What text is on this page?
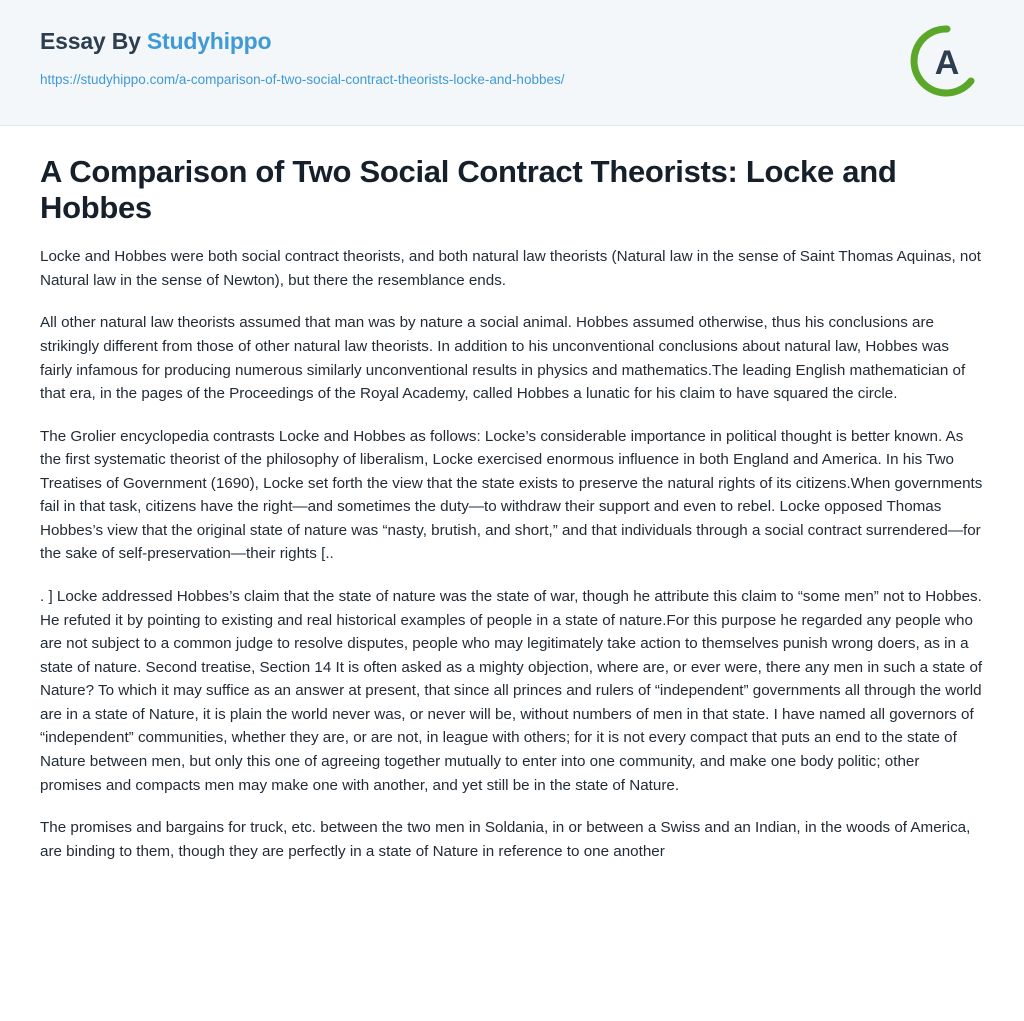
Essay By Studyhippo
https://studyhippo.com/a-comparison-of-two-social-contract-theorists-locke-and-hobbes/	A
A Comparison of Two Social Contract Theorists: Locke and Hobbes

Locke and Hobbes were both social contract theorists, and both natural law theorists (Natural law in the sense of Saint Thomas Aquinas, not Natural law in the sense of Newton), but there the resemblance ends.

All other natural law theorists assumed that man was by nature a social animal. Hobbes assumed otherwise, thus his conclusions are strikingly different from those of other natural law theorists. In addition to his unconventional conclusions about natural law, Hobbes was fairly infamous for producing numerous similarly unconventional results in physics and mathematics.The leading English mathematician of that era, in the pages of the Proceedings of the Royal Academy, called Hobbes a lunatic for his claim to have squared the circle.

The Grolier encyclopedia contrasts Locke and Hobbes as follows: Locke’s considerable importance in political thought is better known. As the first systematic theorist of the philosophy of liberalism, Locke exercised enormous influence in both England and America. In his Two Treatises of Government (1690), Locke set forth the view that the state exists to preserve the natural rights of its citizens.When governments fail in that task, citizens have the right—and sometimes the duty—to withdraw their support and even to rebel. Locke opposed Thomas Hobbes’s view that the original state of nature was “nasty, brutish, and short,” and that individuals through a social contract surrendered—for the sake of self-preservation—their rights [..

. ] Locke addressed Hobbes’s claim that the state of nature was the state of war, though he attribute this claim to “some men” not to Hobbes. He refuted it by pointing to existing and real historical examples of people in a state of nature.For this purpose he regarded any people who are not subject to a common judge to resolve disputes, people who may legitimately take action to themselves punish wrong doers, as in a state of nature. Second treatise, Section 14 It is often asked as a mighty objection, where are, or ever were, there any men in such a state of Nature? To which it may suffice as an answer at present, that since all princes and rulers of “independent” governments all through the world are in a state of Nature, it is plain the world never was, or never will be, without numbers of men in that state. I have named all governors of “independent” communities, whether they are, or are not, in league with others; for it is not every compact that puts an end to the state of Nature between men, but only this one of agreeing together mutually to enter into one community, and make one body politic; other promises and compacts men may make one with another, and yet still be in the state of Nature.

The promises and bargains for truck, etc. between the two men in Soldania, in or between a Swiss and an Indian, in the woods of America, are binding to them, though they are perfectly in a state of Nature in reference to one another
